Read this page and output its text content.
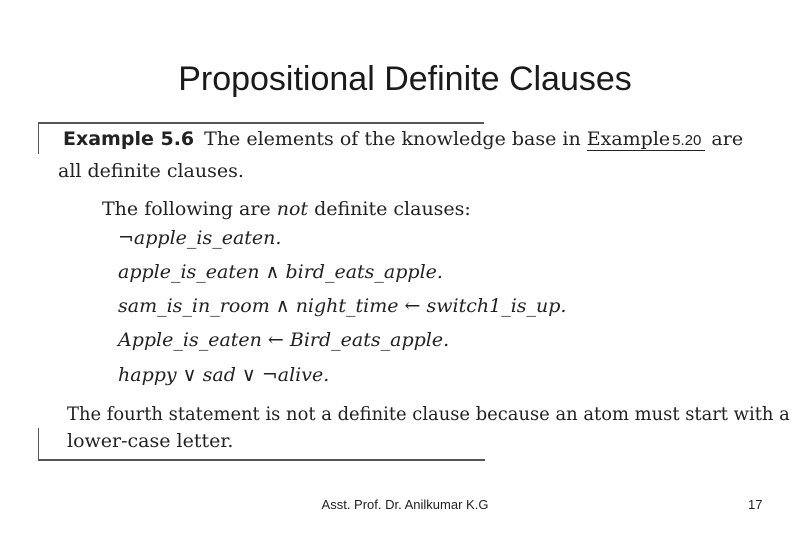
Propositional Definite Clauses
Example 5.6 The elements of the knowledge base in Example 5.20 are
all definite clauses.
The following are not definite clauses:
¬apple_is_eaten.
apple_is_eaten ∧ bird_eats_apple.
sam_is_in_room ∧ night_time ← switch1_is_up.
Apple_is_eaten ← Bird_eats_apple.
happy ∨ sad ∨ ¬alive.
The fourth statement is not a definite clause because an atom must start with a
lower-case letter.
Asst. Prof. Dr. Anilkumar K.G	17
